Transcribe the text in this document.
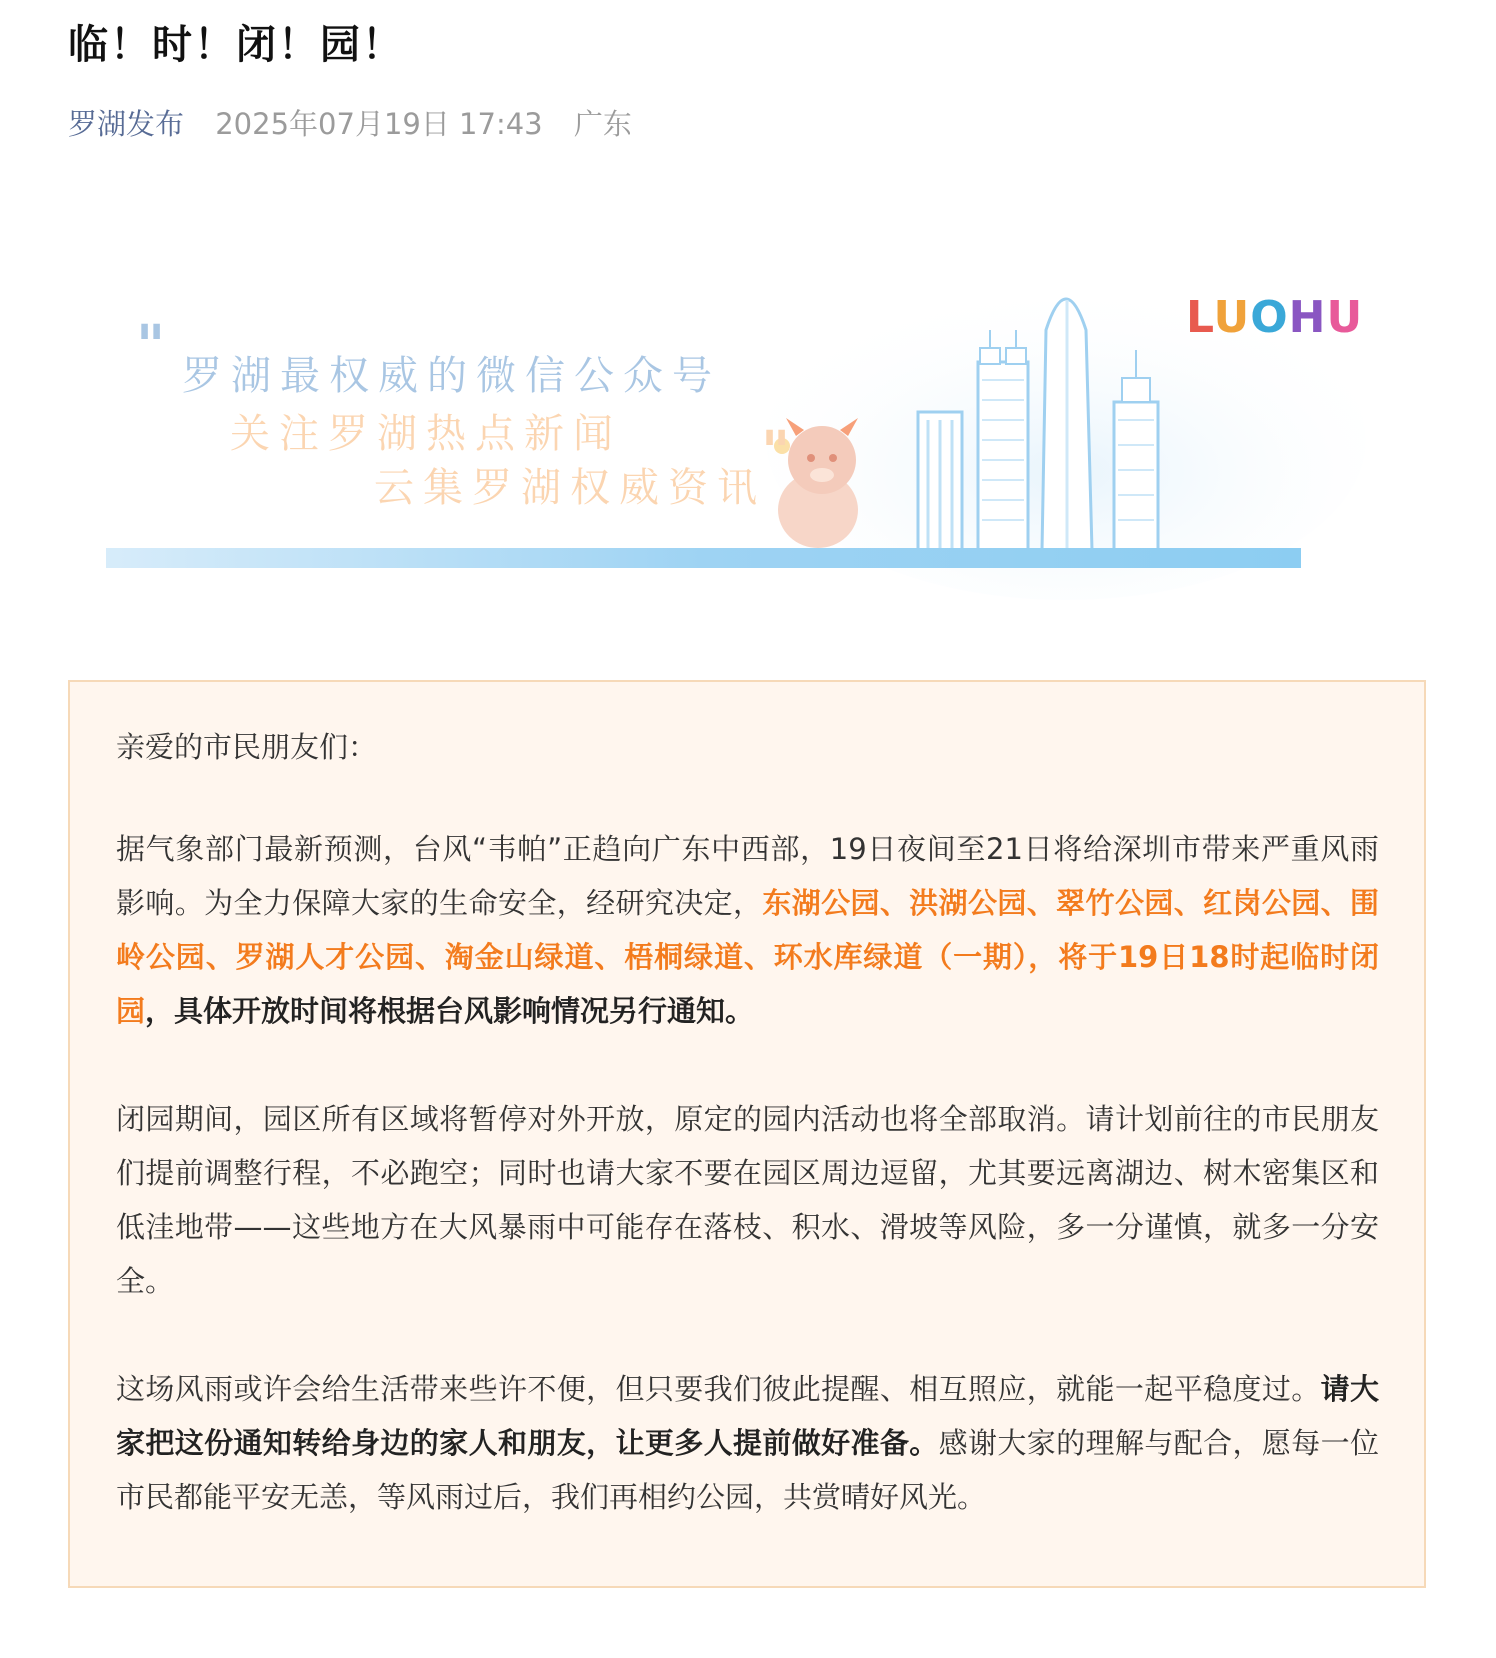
临！时！闭！园！
罗湖发布 2025年07月19日 17:43 广东
" 罗湖最权威的微信公众号
关注罗湖热点新闻
云集罗湖权威资讯
"
LUOHU

亲爱的市民朋友们：

据气象部门最新预测，台风“韦帕”正趋向广东中西部，19日夜间至21日将给深圳市带来严重风雨影响。为全力保障大家的生命安全，经研究决定，东湖公园、洪湖公园、翠竹公园、红岗公园、围岭公园、罗湖人才公园、淘金山绿道、梧桐绿道、环水库绿道（一期），将于19日18时起临时闭园，具体开放时间将根据台风影响情况另行通知。

闭园期间，园区所有区域将暂停对外开放，原定的园内活动也将全部取消。请计划前往的市民朋友们提前调整行程，不必跑空；同时也请大家不要在园区周边逗留，尤其要远离湖边、树木密集区和低洼地带——这些地方在大风暴雨中可能存在落枝、积水、滑坡等风险，多一分谨慎，就多一分安全。

这场风雨或许会给生活带来些许不便，但只要我们彼此提醒、相互照应，就能一起平稳度过。请大家把这份通知转给身边的家人和朋友，让更多人提前做好准备。感谢大家的理解与配合，愿每一位市民都能平安无恙，等风雨过后，我们再相约公园，共赏晴好风光。
